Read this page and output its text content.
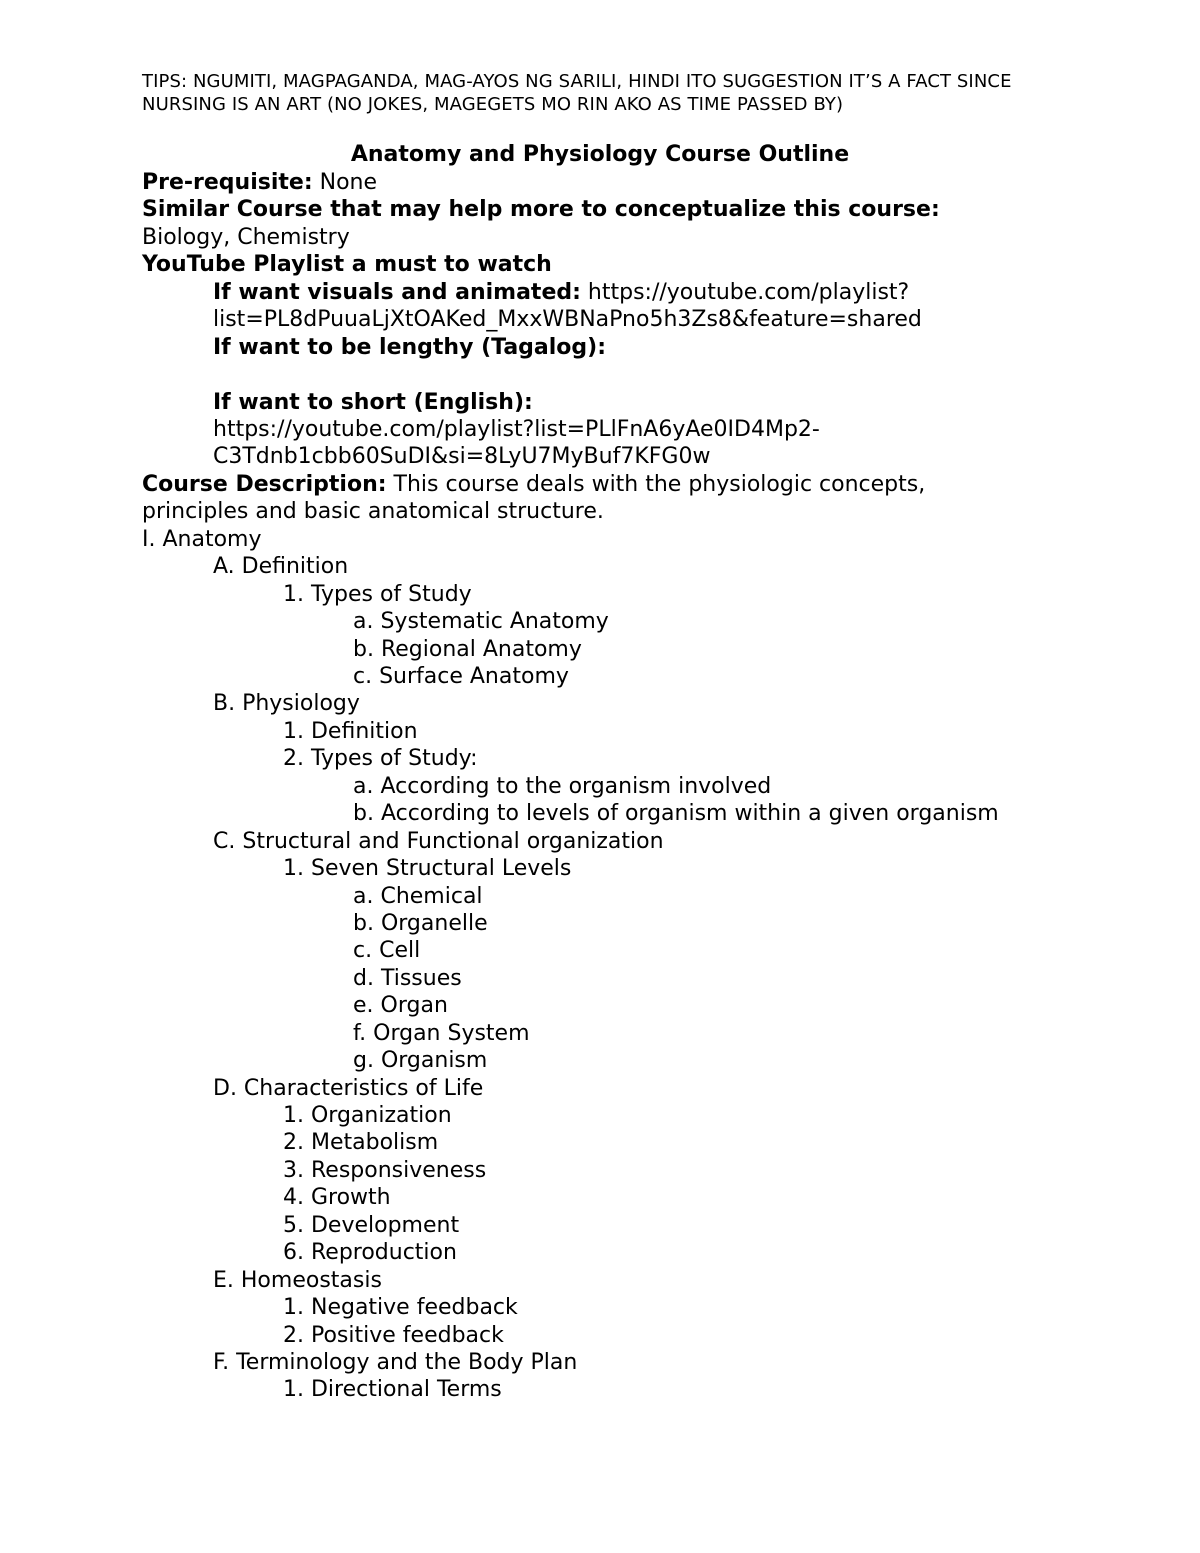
TIPS: NGUMITI, MAGPAGANDA, MAG-AYOS NG SARILI, HINDI ITO SUGGESTION IT’S A FACT SINCE NURSING IS AN ART (NO JOKES, MAGEGETS MO RIN AKO AS TIME PASSED BY)
Anatomy and Physiology Course Outline
Pre-requisite: None
Similar Course that may help more to conceptualize this course:
Biology, Chemistry
YouTube Playlist a must to watch
If want visuals and animated: https://youtube.com/playlist?
list=PL8dPuuaLjXtOAKed_MxxWBNaPno5h3Zs8&feature=shared
If want to be lengthy (Tagalog):
If want to short (English):
https://youtube.com/playlist?list=PLlFnA6yAe0ID4Mp2-
C3Tdnb1cbb60SuDI&si=8LyU7MyBuf7KFG0w
Course Description: This course deals with the physiologic concepts,
principles and basic anatomical structure.
I. Anatomy
A. Definition
1. Types of Study
a. Systematic Anatomy
b. Regional Anatomy
c. Surface Anatomy
B. Physiology
1. Definition
2. Types of Study:
a. According to the organism involved
b. According to levels of organism within a given organism
C. Structural and Functional organization
1. Seven Structural Levels
a. Chemical
b. Organelle
c. Cell
d. Tissues
e. Organ
f. Organ System
g. Organism
D. Characteristics of Life
1. Organization
2. Metabolism
3. Responsiveness
4. Growth
5. Development
6. Reproduction
E. Homeostasis
1. Negative feedback
2. Positive feedback
F. Terminology and the Body Plan
1. Directional Terms
